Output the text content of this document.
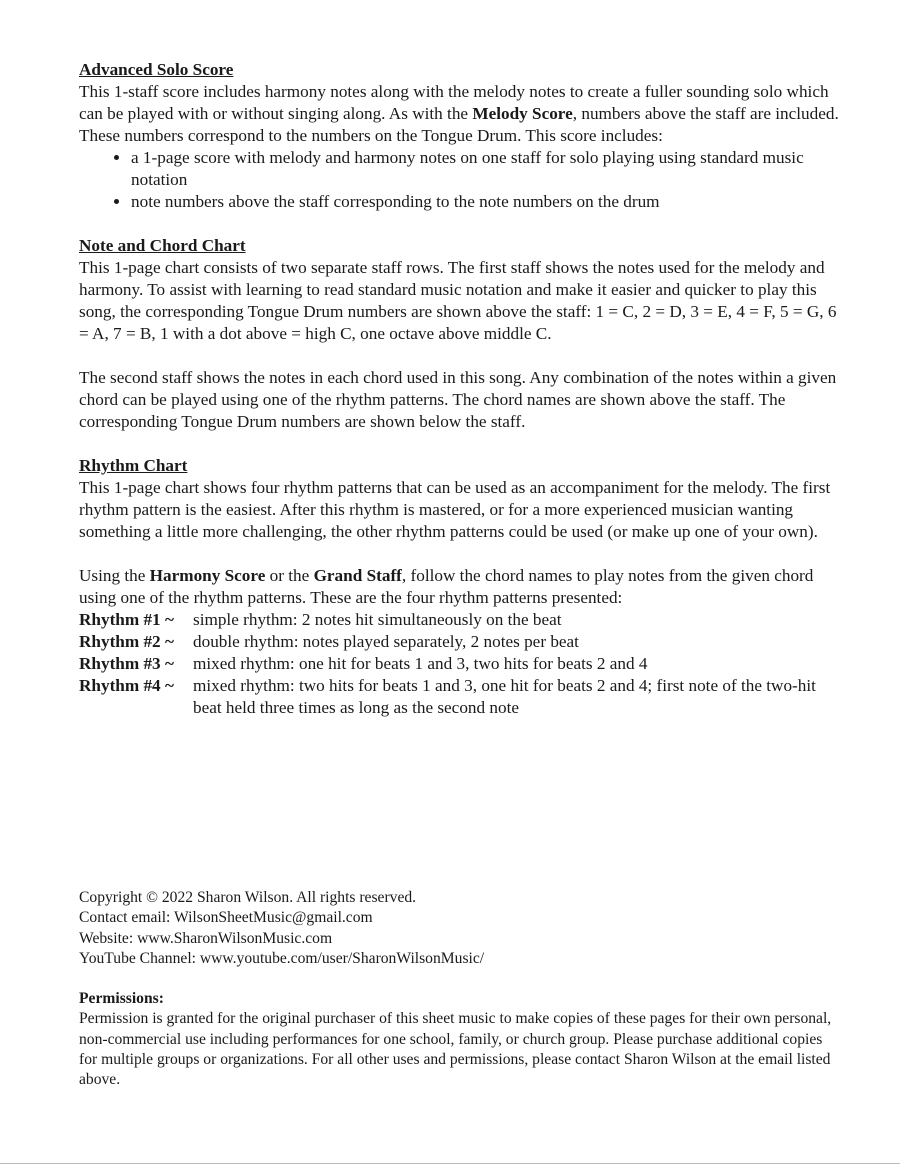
Advanced Solo Score

This 1-staff score includes harmony notes along with the melody notes to create a fuller sounding solo which can be played with or without singing along. As with the Melody Score, numbers above the staff are included. These numbers correspond to the numbers on the Tongue Drum. This score includes:

• a 1-page score with melody and harmony notes on one staff for solo playing using standard music notation
• note numbers above the staff corresponding to the note numbers on the drum
Note and Chord Chart

This 1-page chart consists of two separate staff rows. The first staff shows the notes used for the melody and harmony. To assist with learning to read standard music notation and make it easier and quicker to play this song, the corresponding Tongue Drum numbers are shown above the staff: 1 = C, 2 = D, 3 = E, 4 = F, 5 = G, 6 = A, 7 = B, 1 with a dot above = high C, one octave above middle C.

The second staff shows the notes in each chord used in this song. Any combination of the notes within a given chord can be played using one of the rhythm patterns. The chord names are shown above the staff. The corresponding Tongue Drum numbers are shown below the staff.

Rhythm Chart

This 1-page chart shows four rhythm patterns that can be used as an accompaniment for the melody. The first rhythm pattern is the easiest. After this rhythm is mastered, or for a more experienced musician wanting something a little more challenging, the other rhythm patterns could be used (or make up one of your own).

Using the Harmony Score or the Grand Staff, follow the chord names to play notes from the given chord using one of the rhythm patterns. These are the four rhythm patterns presented:

Rhythm #1 ~	simple rhythm: 2 notes hit simultaneously on the beat
Rhythm #2 ~	double rhythm: notes played separately, 2 notes per beat
Rhythm #3 ~	mixed rhythm: one hit for beats 1 and 3, two hits for beats 2 and 4
Rhythm #4 ~	mixed rhythm: two hits for beats 1 and 3, one hit for beats 2 and 4; first note of the two-hit beat held three times as long as the second note
Copyright © 2022 Sharon Wilson. All rights reserved.
Contact email: WilsonSheetMusic@gmail.com
Website: www.SharonWilsonMusic.com
YouTube Channel: www.youtube.com/user/SharonWilsonMusic/
Permissions:
Permission is granted for the original purchaser of this sheet music to make copies of these pages for their own personal, non-commercial use including performances for one school, family, or church group. Please purchase additional copies for multiple groups or organizations. For all other uses and permissions, please contact Sharon Wilson at the email listed above.
